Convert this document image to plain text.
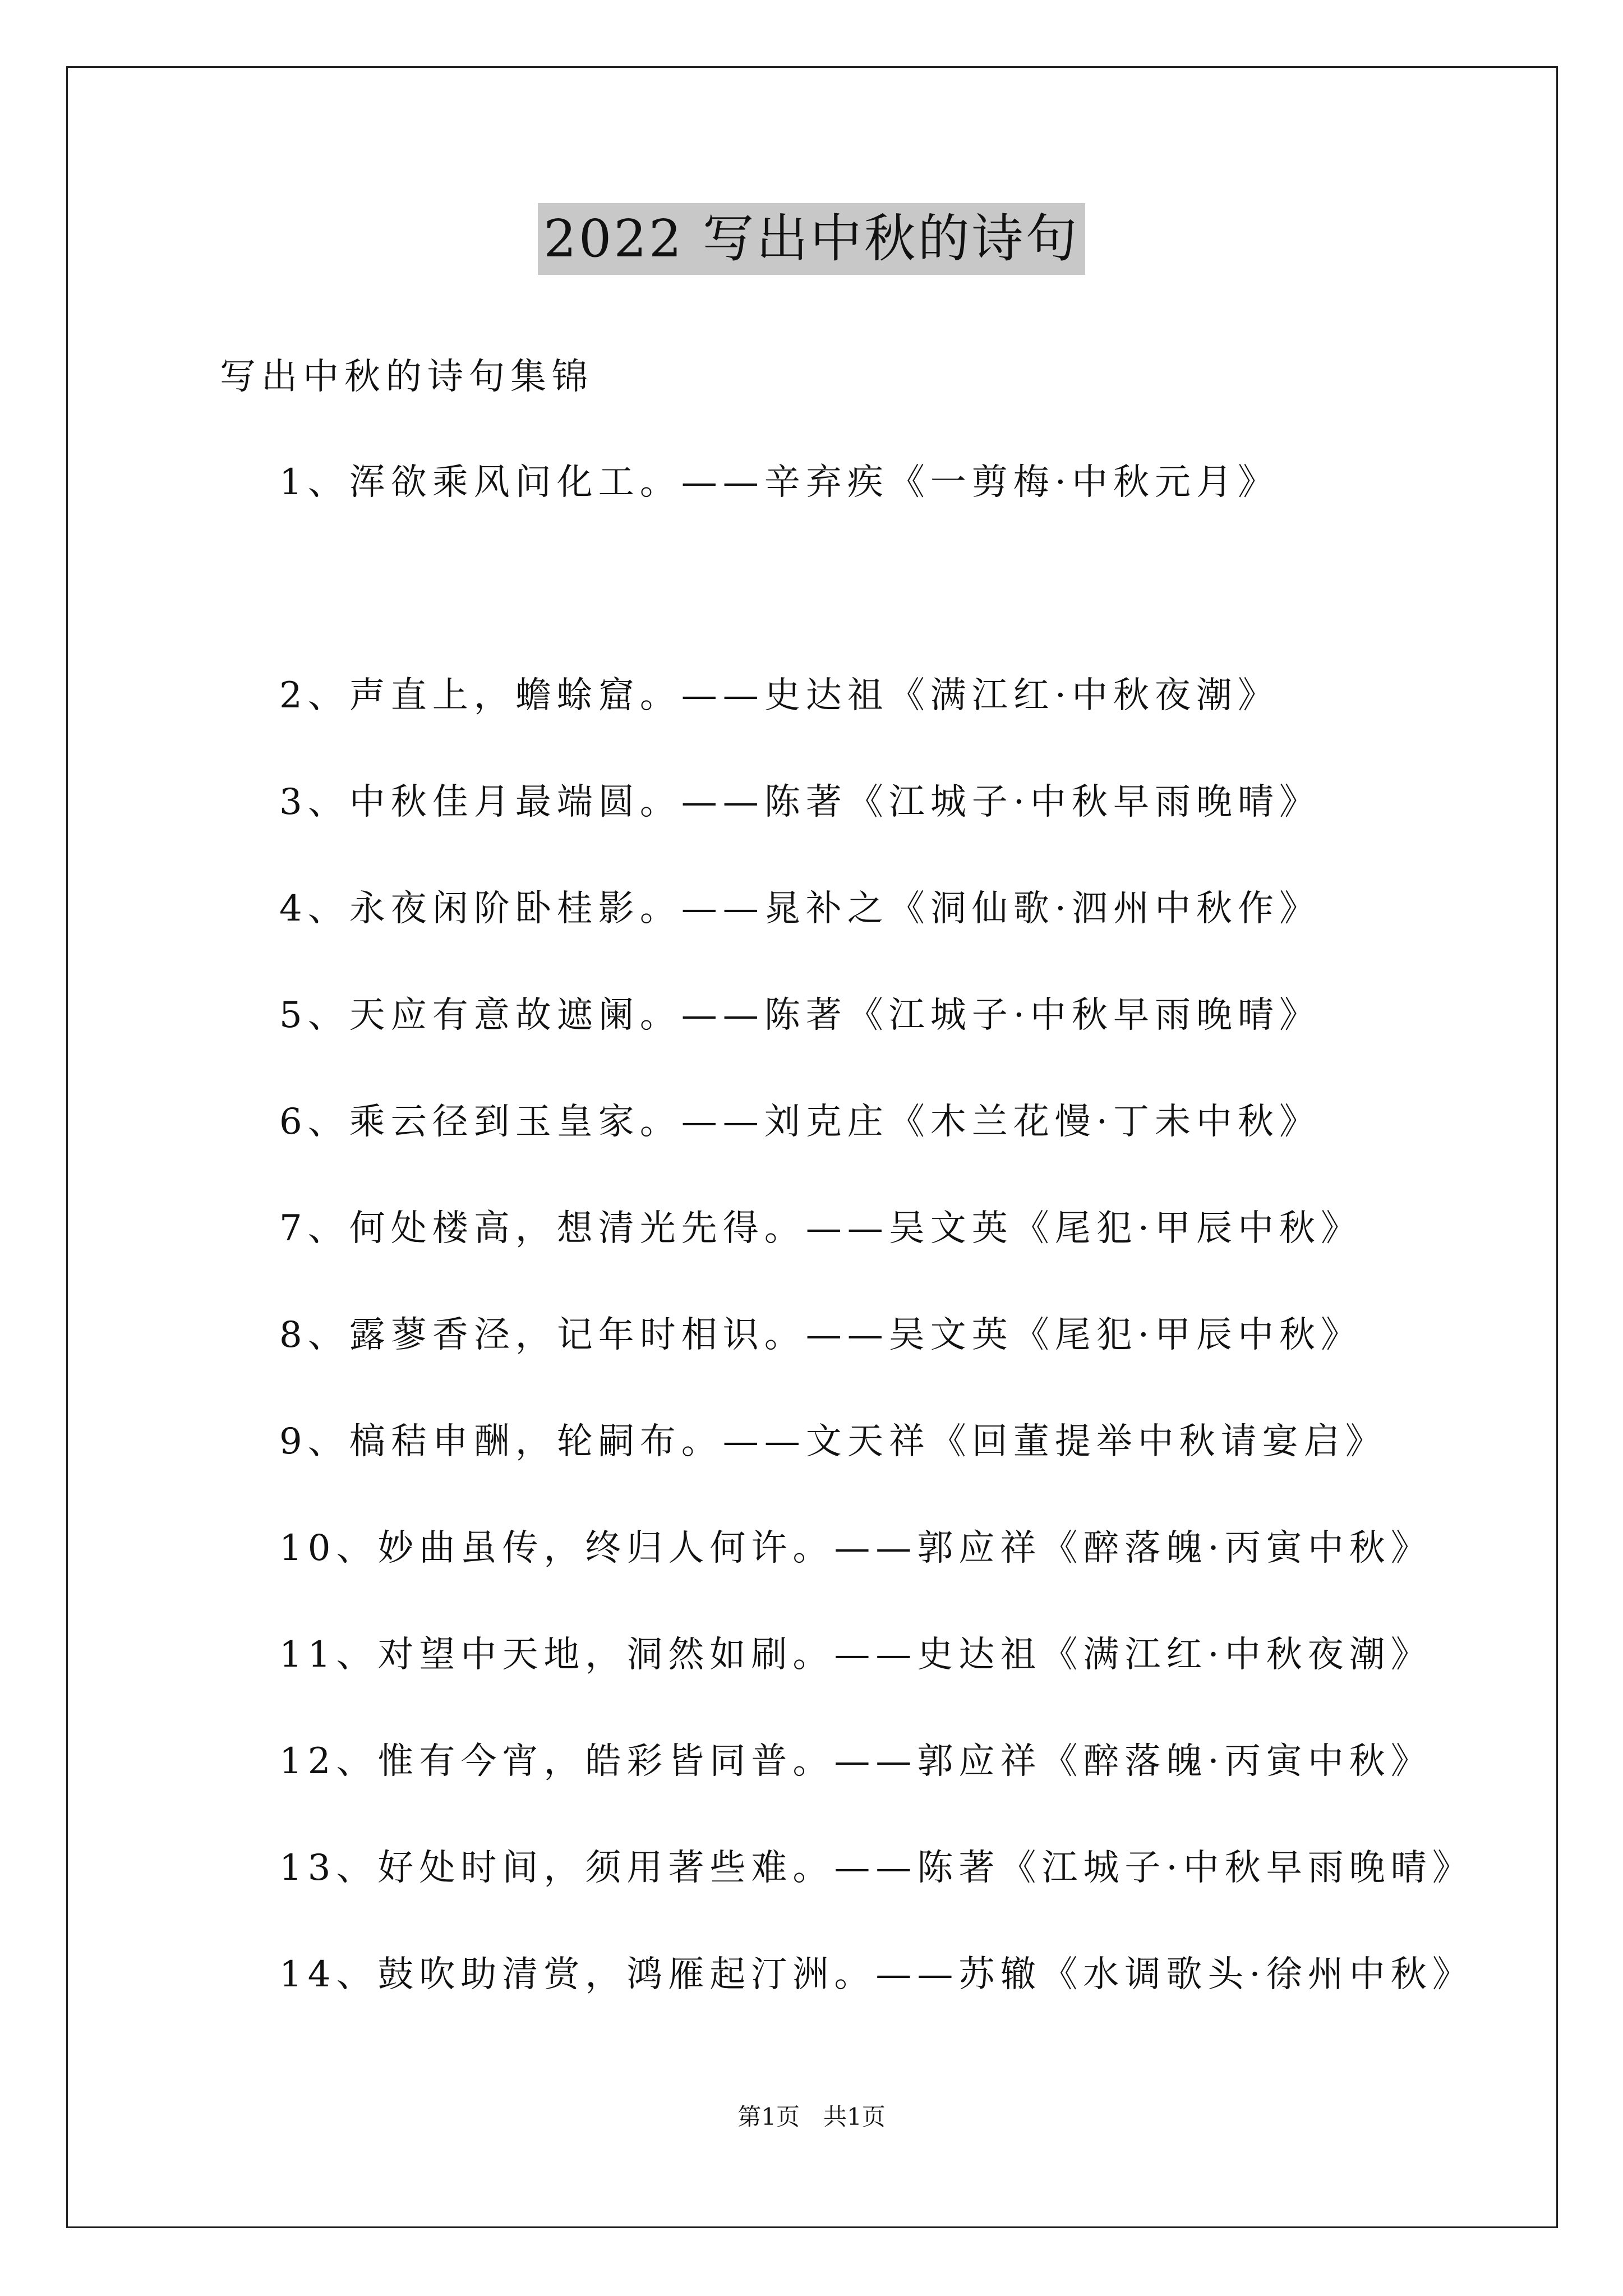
2022 写出中秋的诗句
写出中秋的诗句集锦
1、浑欲乘风问化工。——辛弃疾《一剪梅·中秋元月》
2、声直上，蟾蜍窟。——史达祖《满江红·中秋夜潮》
3、中秋佳月最端圆。——陈著《江城子·中秋早雨晚晴》
4、永夜闲阶卧桂影。——晁补之《洞仙歌·泗州中秋作》
5、天应有意故遮阑。——陈著《江城子·中秋早雨晚晴》
6、乘云径到玉皇家。——刘克庄《木兰花慢·丁未中秋》
7、何处楼高，想清光先得。——吴文英《尾犯·甲辰中秋》
8、露蓼香泾，记年时相识。——吴文英《尾犯·甲辰中秋》
9、槁秸申酬，轮嗣布。——文天祥《回董提举中秋请宴启》
10、妙曲虽传，终归人何许。——郭应祥《醉落魄·丙寅中秋》
11、对望中天地，洞然如刷。——史达祖《满江红·中秋夜潮》
12、惟有今宵，皓彩皆同普。——郭应祥《醉落魄·丙寅中秋》
13、好处时间，须用著些难。——陈著《江城子·中秋早雨晚晴》
14、鼓吹助清赏，鸿雁起汀洲。——苏辙《水调歌头·徐州中秋》
第1页　共1页
